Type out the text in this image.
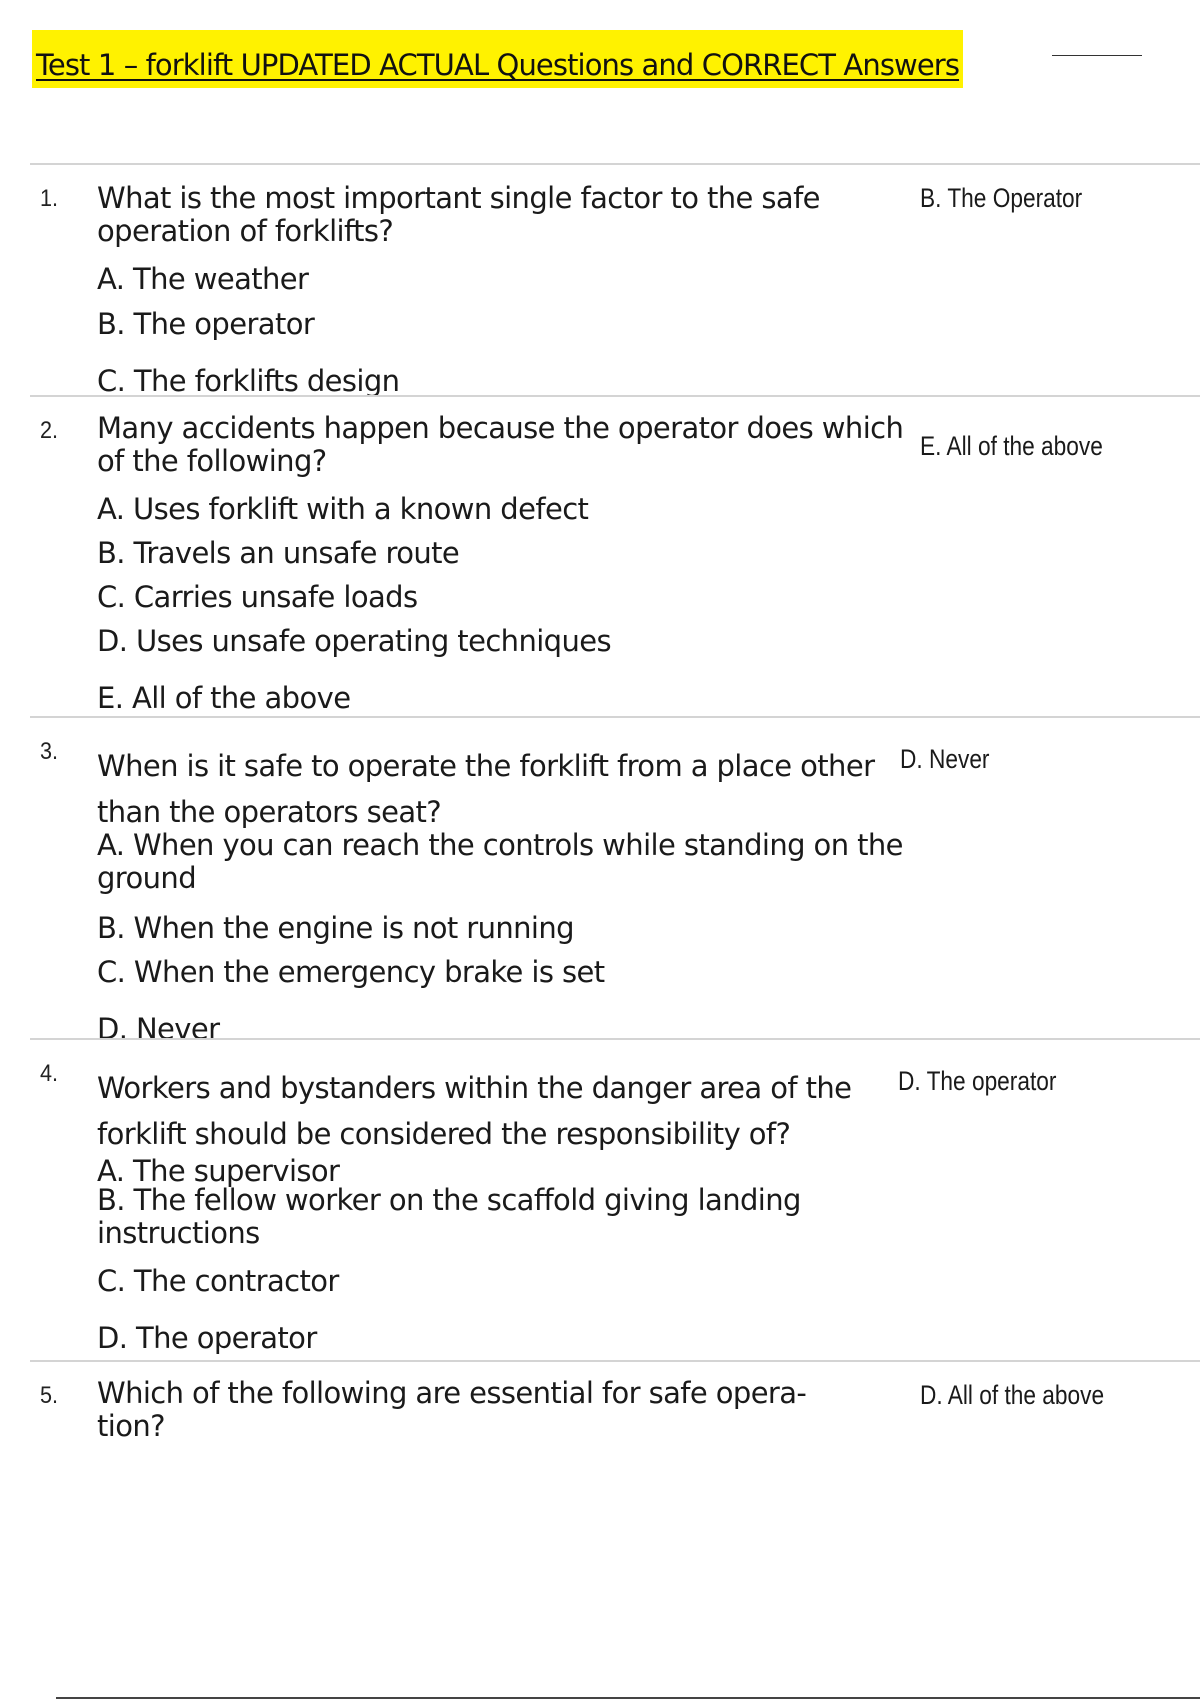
Test 1 – forklift UPDATED ACTUAL Questions and CORRECT Answers
1. What is the most important single factor to the safe operation of forklifts?
A. The weather
B. The operator
C. The forklifts design
B. The Operator
2. Many accidents happen because the operator does which of the following?
A. Uses forklift with a known defect
B. Travels an unsafe route
C. Carries unsafe loads
D. Uses unsafe operating techniques
E. All of the above
E. All of the above
3. When is it safe to operate the forklift from a place other than the operators seat?
A. When you can reach the controls while standing on the ground
B. When the engine is not running
C. When the emergency brake is set
D. Never
D. Never
4. Workers and bystanders within the danger area of the forklift should be considered the responsibility of?
A. The supervisor
B. The fellow worker on the scaffold giving landing instructions
C. The contractor
D. The operator
D. The operator
5. Which of the following are essential for safe opera- tion?
D. All of the above
